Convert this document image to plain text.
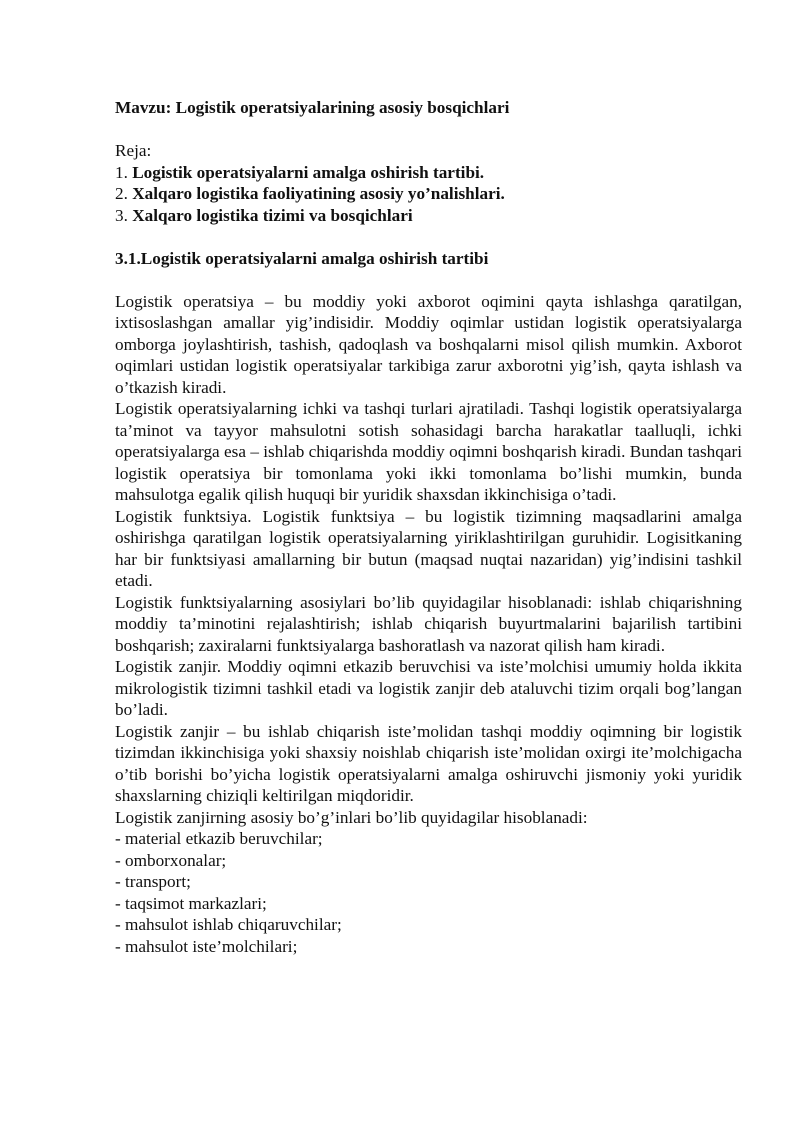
Mavzu: Logistik operatsiyalarining asosiy bosqichlari

Reja:

1. Logistik operatsiyalarni amalga oshirish tartibi.
2. Xalqaro logistika faoliyatining asosiy yo’nalishlari.
3. Xalqaro logistika tizimi va bosqichlari

3.1.Logistik operatsiyalarni amalga oshirish tartibi

Logistik operatsiya – bu moddiy yoki axborot oqimini qayta ishlashga qaratilgan, ixtisoslashgan amallar yig’indisidir. Moddiy oqimlar ustidan logistik operatsiyalarga omborga joylashtirish, tashish, qadoqlash va boshqalarni misol qilish mumkin. Axborot oqimlari ustidan logistik operatsiyalar tarkibiga zarur axborotni yig’ish, qayta ishlash va o’tkazish kiradi.

Logistik operatsiyalarning ichki va tashqi turlari ajratiladi. Tashqi logistik operatsiyalarga ta’minot va tayyor mahsulotni sotish sohasidagi barcha harakatlar taalluqli, ichki operatsiyalarga esa – ishlab chiqarishda moddiy oqimni boshqarish kiradi. Bundan tashqari logistik operatsiya bir tomonlama yoki ikki tomonlama bo’lishi mumkin, bunda mahsulotga egalik qilish huquqi bir yuridik shaxsdan ikkinchisiga o’tadi.

Logistik funktsiya. Logistik funktsiya – bu logistik tizimning maqsadlarini amalga oshirishga qaratilgan logistik operatsiyalarning yiriklashtirilgan guruhidir. Logisitkaning har bir funktsiyasi amallarning bir butun (maqsad nuqtai nazaridan) yig’indisini tashkil etadi.

Logistik funktsiyalarning asosiylari bo’lib quyidagilar hisoblanadi: ishlab chiqarishning moddiy ta’minotini rejalashtirish; ishlab chiqarish buyurtmalarini bajarilish tartibini boshqarish; zaxiralarni funktsiyalarga bashoratlash va nazorat qilish ham kiradi.

Logistik zanjir. Moddiy oqimni etkazib beruvchisi va iste’molchisi umumiy holda ikkita mikrologistik tizimni tashkil etadi va logistik zanjir deb ataluvchi tizim orqali bog’langan bo’ladi.

Logistik zanjir – bu ishlab chiqarish iste’molidan tashqi moddiy oqimning bir logistik tizimdan ikkinchisiga yoki shaxsiy noishlab chiqarish iste’molidan oxirgi ite’molchigacha o’tib borishi bo’yicha logistik operatsiyalarni amalga oshiruvchi jismoniy yoki yuridik shaxslarning chiziqli keltirilgan miqdoridir.

Logistik zanjirning asosiy bo’g’inlari bo’lib quyidagilar hisoblanadi:

- material etkazib beruvchilar;
- omborxonalar;
- transport;
- taqsimot markazlari;
- mahsulot ishlab chiqaruvchilar;
- mahsulot iste’molchilari;
